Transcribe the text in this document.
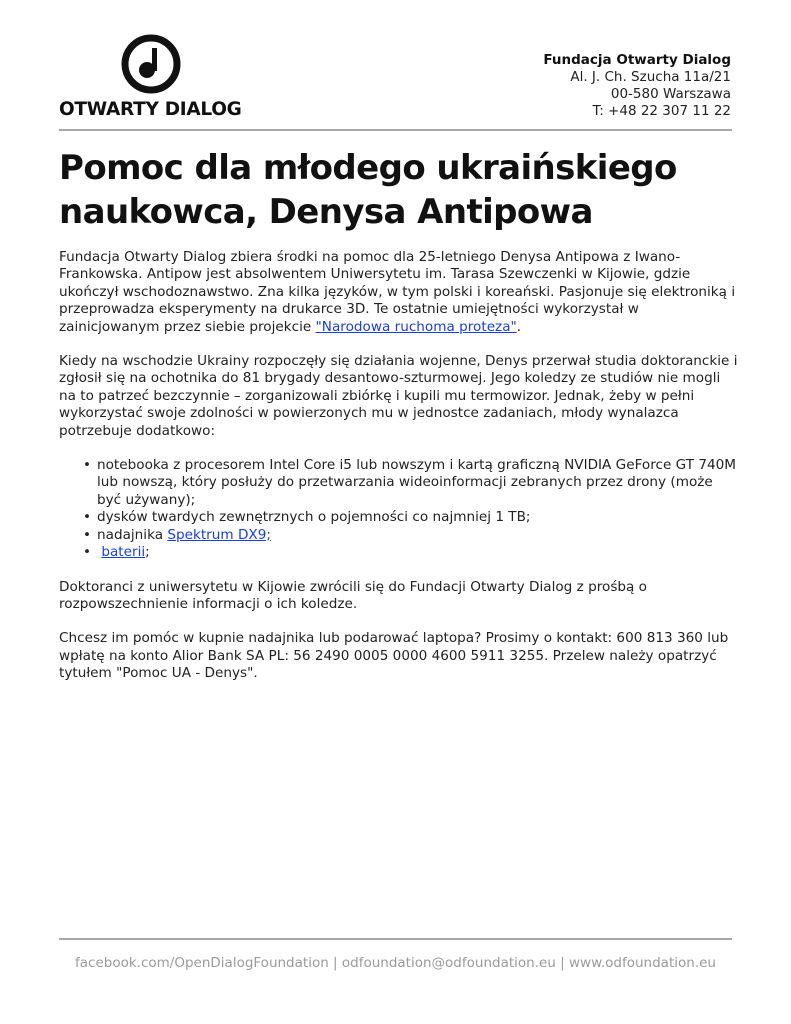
OTWARTY DIALOG
Fundacja Otwarty Dialog
Al. J. Ch. Szucha 11a/21
00-580 Warszawa
T: +48 22 307 11 22
Pomoc dla młodego ukraińskiego naukowca, Denysa Antipowa

Fundacja Otwarty Dialog zbiera środki na pomoc dla 25-letniego Denysa Antipowa z Iwano-Frankowska. Antipow jest absolwentem Uniwersytetu im. Tarasa Szewczenki w Kijowie, gdzie ukończył wschodoznawstwo. Zna kilka języków, w tym polski i koreański. Pasjonuje się elektroniką i przeprowadza eksperymenty na drukarce 3D. Te ostatnie umiejętności wykorzystał w zainicjowanym przez siebie projekcie "Narodowa ruchoma proteza".

Kiedy na wschodzie Ukrainy rozpoczęły się działania wojenne, Denys przerwał studia doktoranckie i zgłosił się na ochotnika do 81 brygady desantowo-szturmowej. Jego koledzy ze studiów nie mogli na to patrzeć bezczynnie – zorganizowali zbiórkę i kupili mu termowizor. Jednak, żeby w pełni wykorzystać swoje zdolności w powierzonych mu w jednostce zadaniach, młody wynalazca potrzebuje dodatkowo:

• notebooka z procesorem Intel Core i5 lub nowszym i kartą graficzną NVIDIA GeForce GT 740M lub nowszą, który posłuży do przetwarzania wideoinformacji zebranych przez drony (może być używany);
• dysków twardych zewnętrznych o pojemności co najmniej 1 TB;
• nadajnika Spektrum DX9;
• baterii;

Doktoranci z uniwersytetu w Kijowie zwrócili się do Fundacji Otwarty Dialog z prośbą o rozpowszechnienie informacji o ich koledze.

Chcesz im pomóc w kupnie nadajnika lub podarować laptopa? Prosimy o kontakt: 600 813 360 lub wpłatę na konto Alior Bank SA PL: 56 2490 0005 0000 4600 5911 3255. Przelew należy opatrzyć tytułem "Pomoc UA - Denys".

facebook.com/OpenDialogFoundation | odfoundation@odfoundation.eu | www.odfoundation.eu
